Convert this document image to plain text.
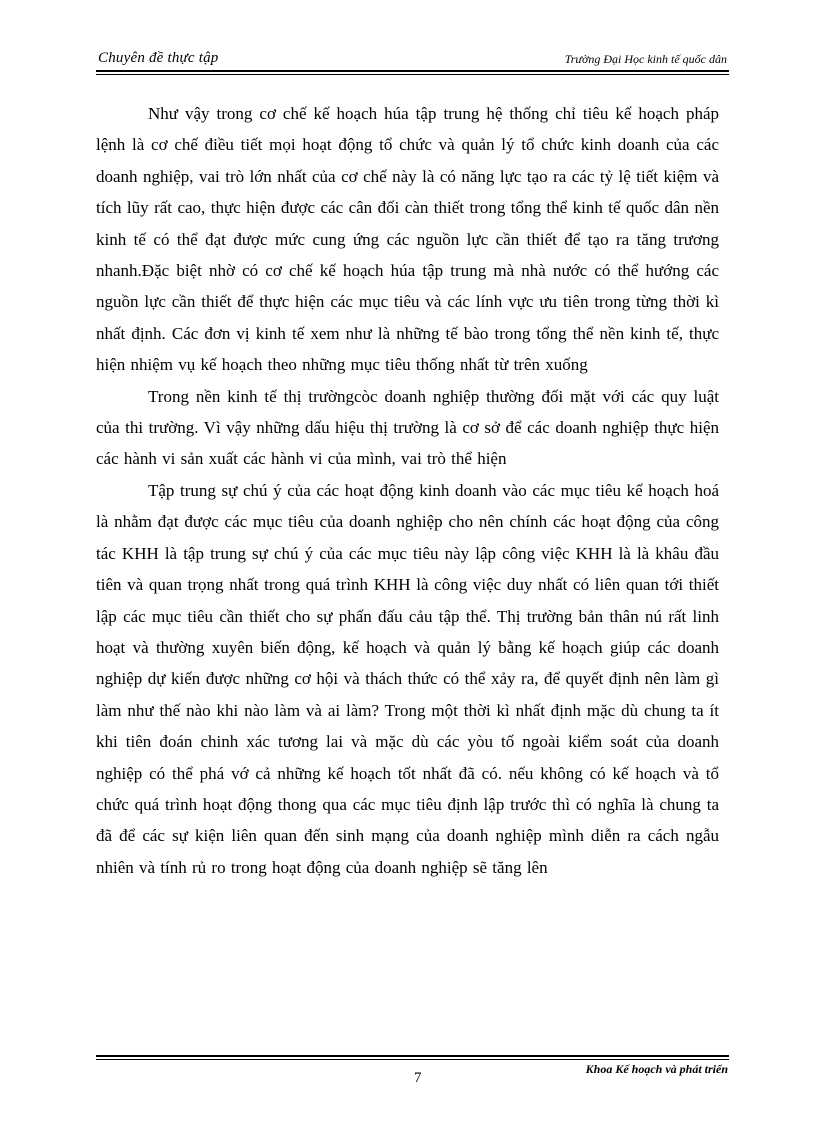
Chuyên đề thực tập	Trường Đại Học kinh tế quốc dân

Như vậy trong cơ chế kế hoạch húa tập trung hệ thống chỉ tiêu kế hoạch pháp lệnh là cơ chế điều tiết mọi hoạt động tổ chức và quản lý tổ chức kinh doanh của các doanh nghiệp, vai trò lớn nhất của cơ chế này là có năng lực tạo ra các tỷ lệ tiết kiệm và tích lũy rất cao, thực hiện được các cân đối càn thiết trong tổng thể kinh tế quốc dân nền kinh tế có thể đạt được mức cung ứng các nguồn lực cần thiết để tạo ra tăng trương nhanh.Đặc biệt nhờ có cơ chế kế hoạch húa tập trung mà nhà nước có thể hướng các nguồn lực cần thiết để thực hiện các mục tiêu và các lính vực ưu tiên trong từng thời kì nhất định. Các đơn vị kinh tế xem như là những tế bào trong tổng thể nền kinh tế, thực hiện nhiệm vụ kế hoạch theo những mục tiêu thống nhất từ trên xuống

Trong nền kinh tế thị trườngcòc doanh nghiệp thường đối mặt với các quy luật của thi trường. Vì vậy những dấu hiệu thị trường là cơ sở để các doanh nghiệp thực hiện các hành vi sản xuất các hành vi của mình, vai trò thể hiện

Tập trung sự chú ý của các hoạt động kinh doanh vào các mục tiêu kế hoạch hoá là nhằm đạt được các mục tiêu của doanh nghiệp cho nên chính các hoạt động của công tác KHH là tập trung sự chú ý của các mục tiêu này lập công việc KHH là là khâu đầu tiên và quan trọng nhất trong quá trình KHH là công việc duy nhất có liên quan tới thiết lập các mục tiêu cần thiết cho sự phấn đấu cảu tập thể. Thị trường bản thân nú rất linh hoạt và thường xuyên biến động, kế hoạch và quản lý bằng kế hoạch giúp các doanh nghiệp dự kiến được những cơ hội và thách thức có thể xảy ra, để quyết định nên làm gì làm như thế nào khi nào làm và ai làm? Trong một thời kì nhất định mặc dù chung ta ít khi tiên đoán chinh xác tương lai và mặc dù các yòu tố ngoài kiểm soát của doanh nghiệp có thể phá vớ cả những kế hoạch tốt nhất đã có. nếu không có kế hoạch và tổ chức quá trình hoạt động thong qua các mục tiêu định lập trước thì có nghĩa là chung ta đã để các sự kiện liên quan đến sinh mạng của doanh nghiệp mình diễn ra cách ngẫu nhiên và tính rủ ro trong hoạt động của doanh nghiệp sẽ tăng lên

Khoa Kế hoạch và phát triển
7
